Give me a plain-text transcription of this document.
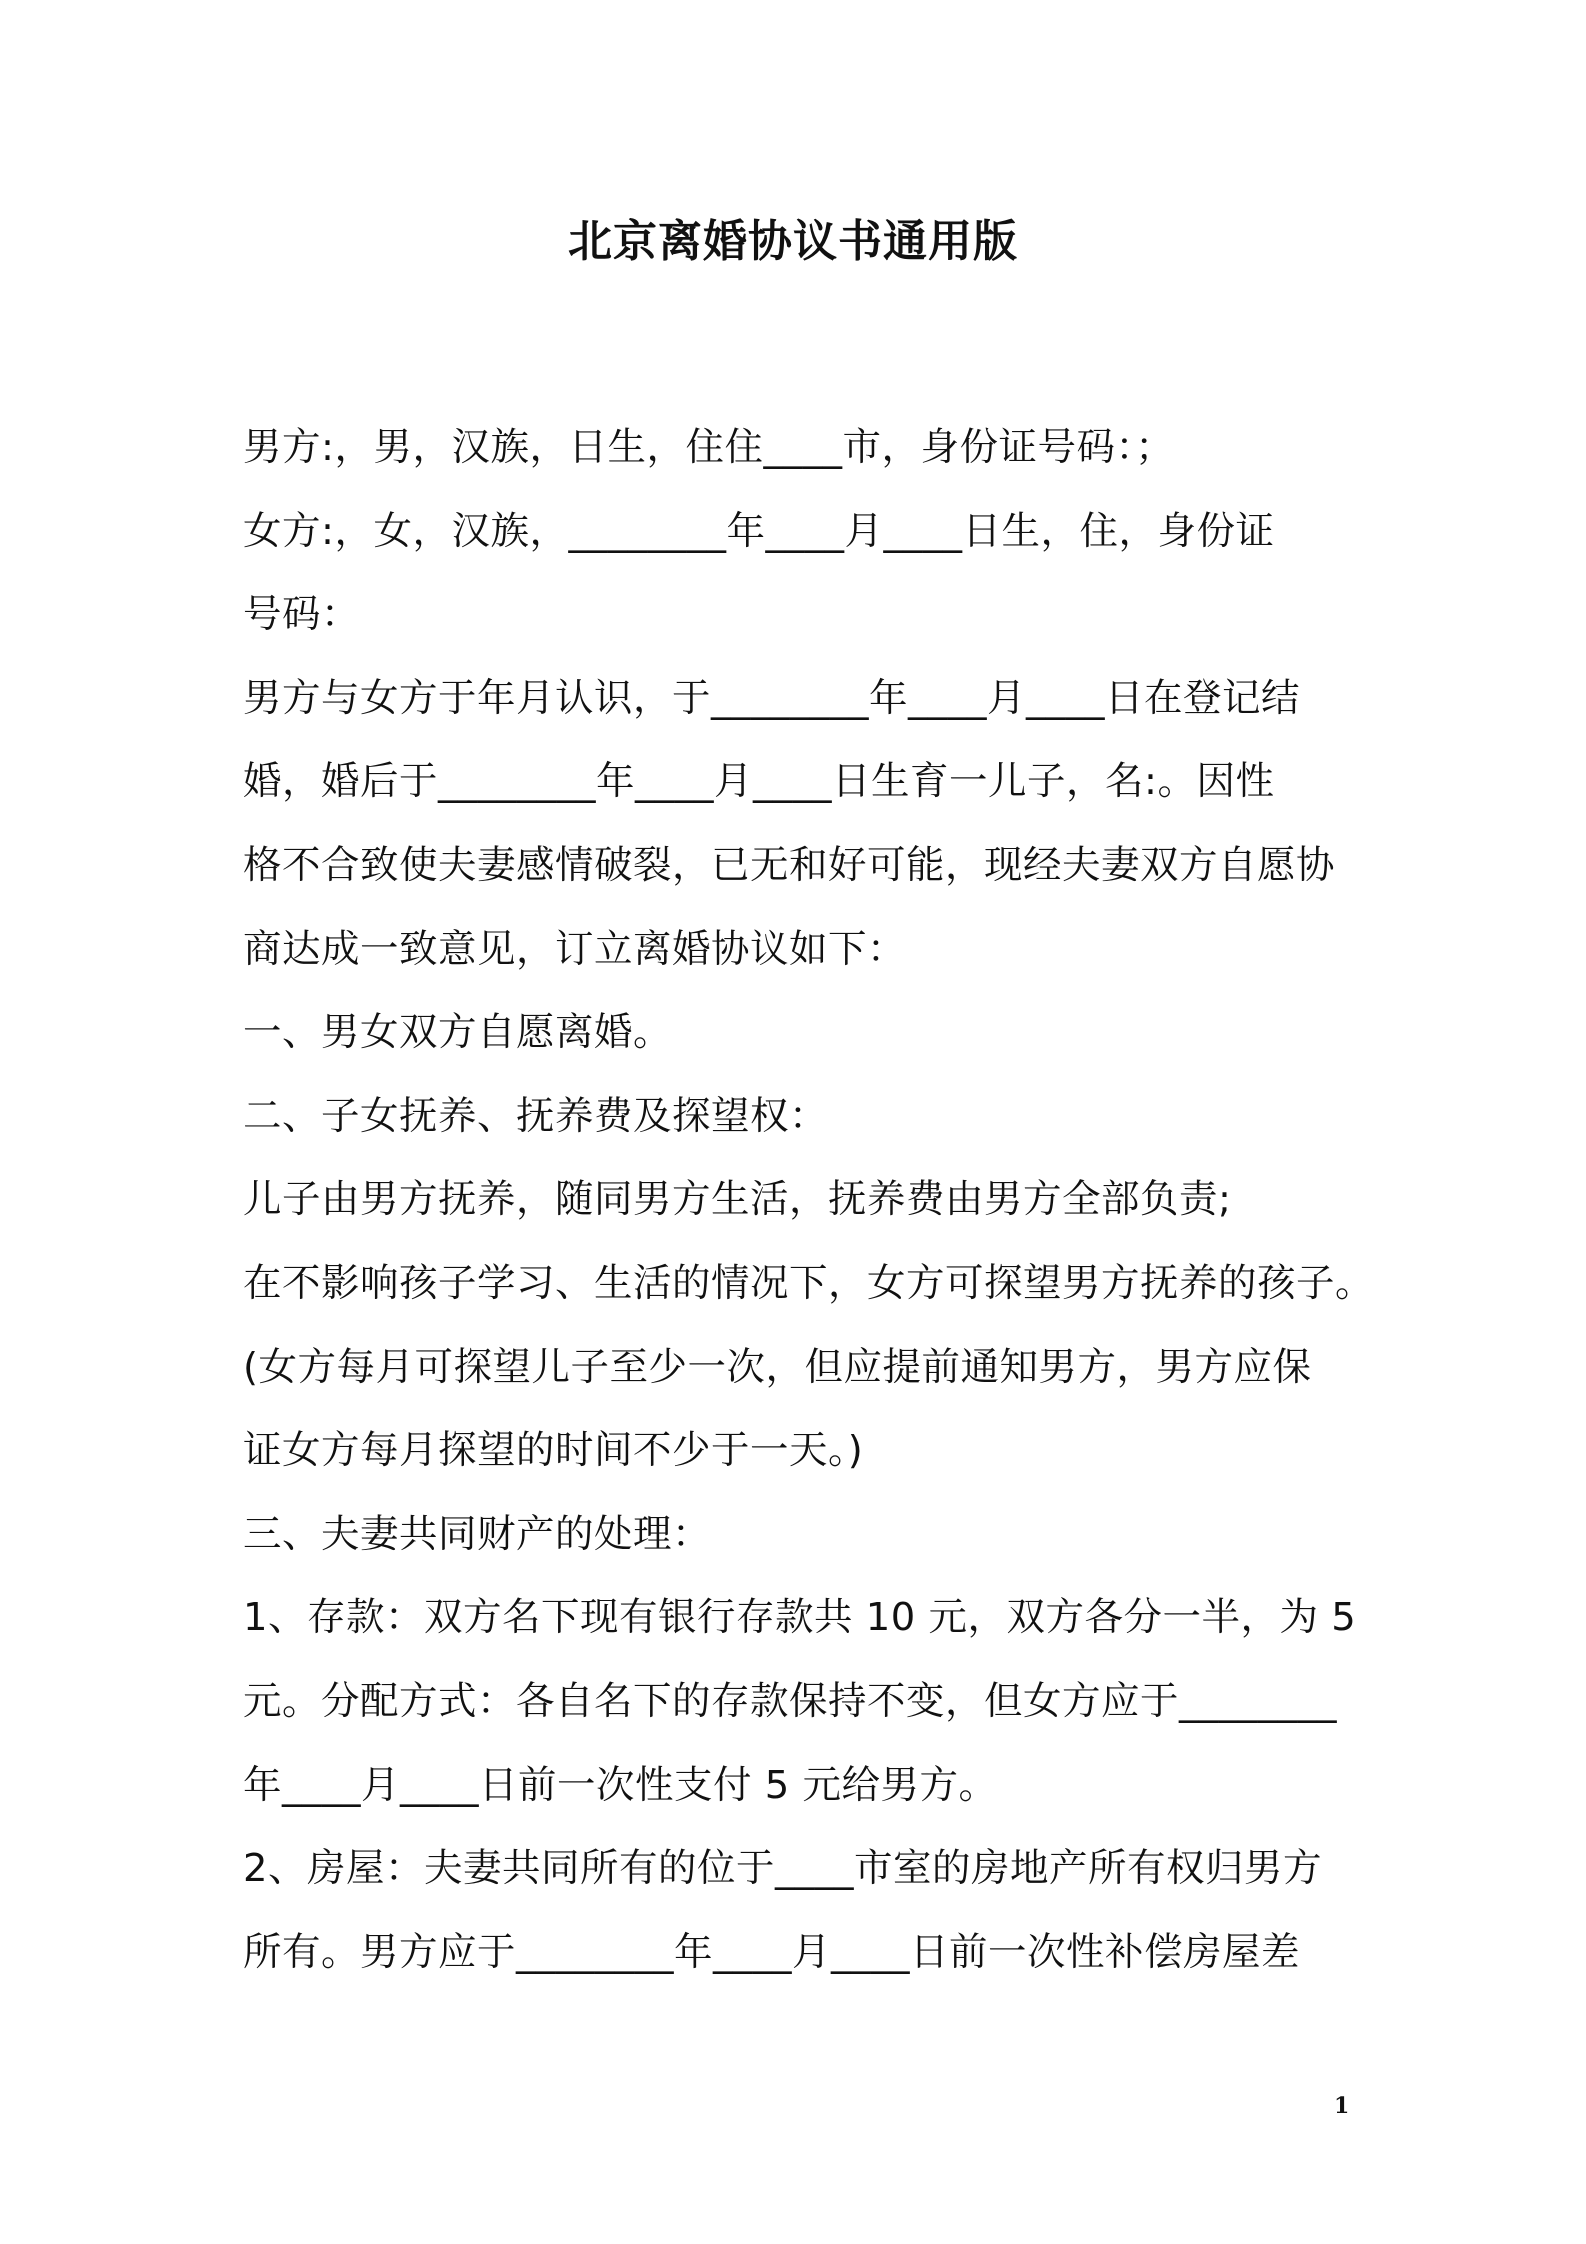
北京离婚协议书通用版
男方:，男，汉族，日生，住住____市，身份证号码：；
女方:，女，汉族，________年____月____日生，住，身份证
号码：
男方与女方于年月认识，于________年____月____日在登记结
婚，婚后于________年____月____日生育一儿子，名:。因性
格不合致使夫妻感情破裂，已无和好可能，现经夫妻双方自愿协
商达成一致意见，订立离婚协议如下：
一、男女双方自愿离婚。
二、子女抚养、抚养费及探望权：
儿子由男方抚养，随同男方生活，抚养费由男方全部负责;
在不影响孩子学习、生活的情况下，女方可探望男方抚养的孩子。
(女方每月可探望儿子至少一次，但应提前通知男方，男方应保
证女方每月探望的时间不少于一天。)
三、夫妻共同财产的处理：
1、存款：双方名下现有银行存款共 10 元，双方各分一半，为 5
元。分配方式：各自名下的存款保持不变，但女方应于________
年____月____日前一次性支付 5 元给男方。
2、房屋：夫妻共同所有的位于____市室的房地产所有权归男方
所有。男方应于________年____月____日前一次性补偿房屋差
1
